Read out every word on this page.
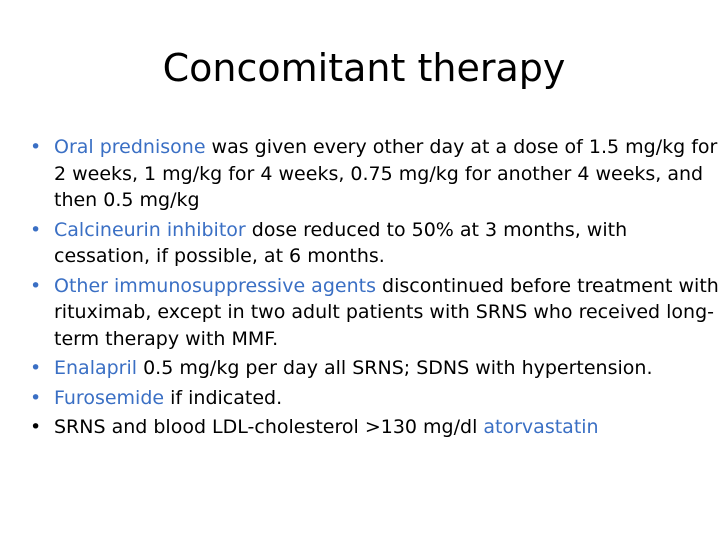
Concomitant therapy
• Oral prednisone was given every other day at a dose of 1.5 mg/kg for 2 weeks, 1 mg/kg for 4 weeks, 0.75 mg/kg for another 4 weeks, and then 0.5 mg/kg
• Calcineurin inhibitor dose reduced to 50% at 3 months, with cessation, if possible, at 6 months.
• Other immunosuppressive agents discontinued before treatment with rituximab, except in two adult patients with SRNS who received long-term therapy with MMF.
• Enalapril 0.5 mg/kg per day all SRNS; SDNS with hypertension.
• Furosemide if indicated.
• SRNS and blood LDL-cholesterol >130 mg/dl atorvastatin
